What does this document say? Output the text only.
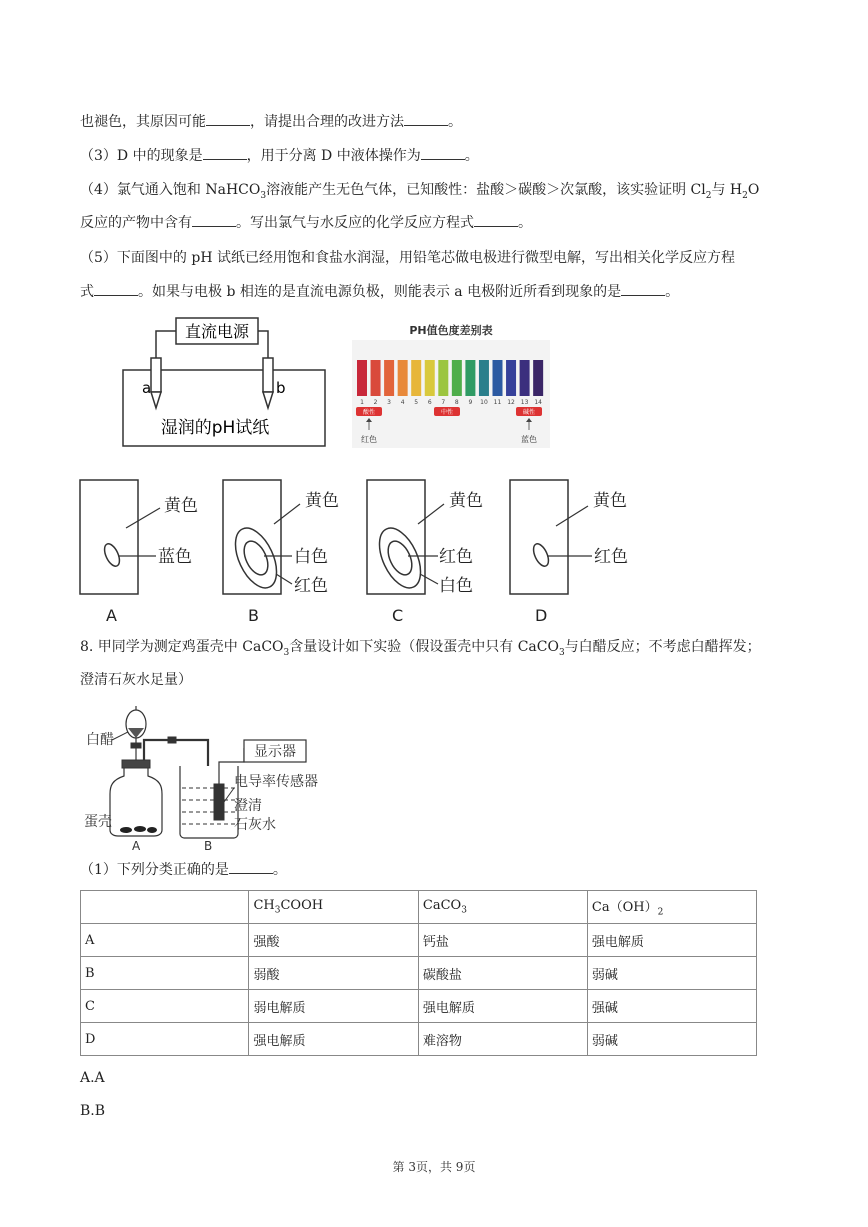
也褪色，其原因可能	，请提出合理的改进方法	。
（3）D 中的现象是	，用于分离 D 中液体操作为	。
（4）氯气通入饱和 NaHCO$_3$溶液能产生无色气体，已知酸性：盐酸＞碳酸＞次氯酸，该实验证明 $Cl_2$与 $H_2O$
反应的产物中含有	。写出氯气与水反应的化学反应方程式	。
（5）下面图中的 pH 试纸已经用饱和食盐水润湿，用铅笔芯做电极进行微型电解，写出相关化学反应方程
式	。如果与电极 b 相连的是直流电源负极，则能表示 a 电极附近所看到现象的是	。
直流电源
a	b
湿润的pH试纸
PH值色度差别表
1 2 3 4 5 6 7 8 9 10 11 12 13 14
酸性	中性	碱性
红色	蓝色
黄色
蓝色
A
黄色
白色
红色
B
黄色
红色
白色
C
黄色
红色
D
8. 甲同学为测定鸡蛋壳中 CaCO$_3$含量设计如下实验（假设蛋壳中只有 CaCO$_3$与白醋反应；不考虑白醋挥发；
澄清石灰水足量）
显示器
电导率传感器
澄清
石灰水
白醋
蛋壳
A	B
（1）下列分类正确的是	。
	$CH_3COOH$	CaCO$_3$	$Ca(OH)_2$
A	强酸	钙盐	强电解质
B	弱酸	碳酸盐	弱碱
C	弱电解质	强电解质	强碱
D	强电解质	难溶物	弱碱
A.A
B.B
第 3页，共 9页
